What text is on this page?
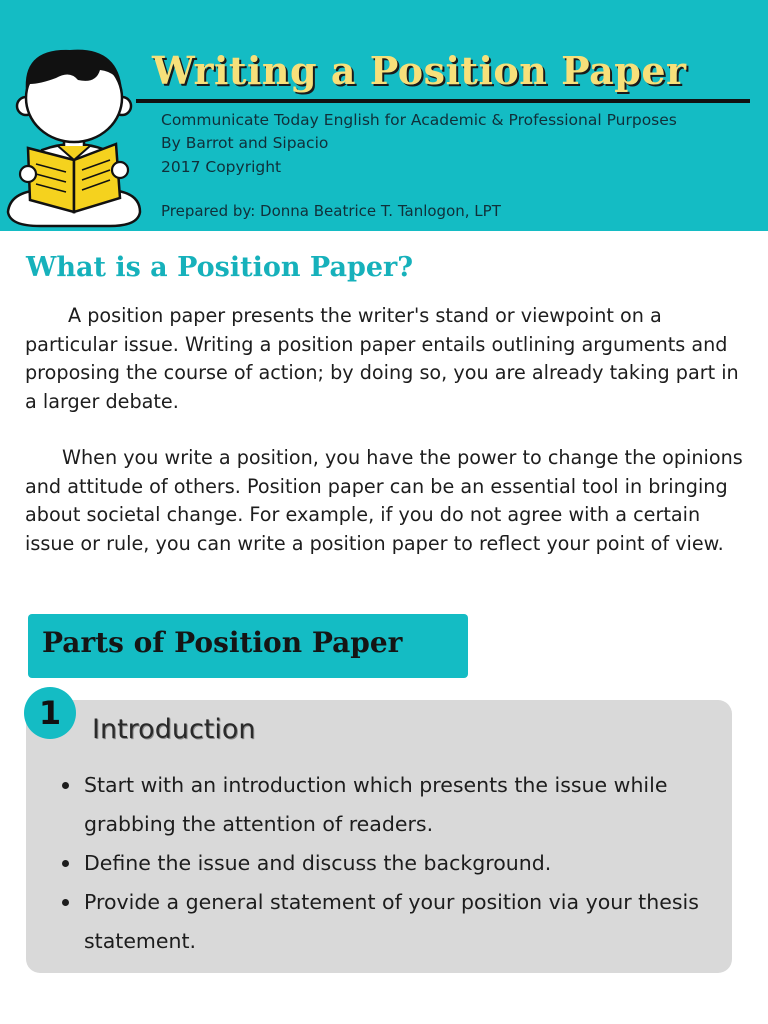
Writing a Position Paper
Communicate Today English for Academic & Professional Purposes
By Barrot and Sipacio
2017 Copyright
Prepared by: Donna Beatrice T. Tanlogon, LPT
What is a Position Paper?

A position paper presents the writer's stand or viewpoint on a particular issue. Writing a position paper entails outlining arguments and proposing the course of action; by doing so, you are already taking part in a larger debate.

When you write a position, you have the power to change the opinions and attitude of others. Position paper can be an essential tool in bringing about societal change. For example, if you do not agree with a certain issue or rule, you can write a position paper to reflect your point of view.

Parts of Position Paper
1	Introduction
Start with an introduction which presents the issue while grabbing the attention of readers.
Define the issue and discuss the background.
Provide a general statement of your position via your thesis statement.
